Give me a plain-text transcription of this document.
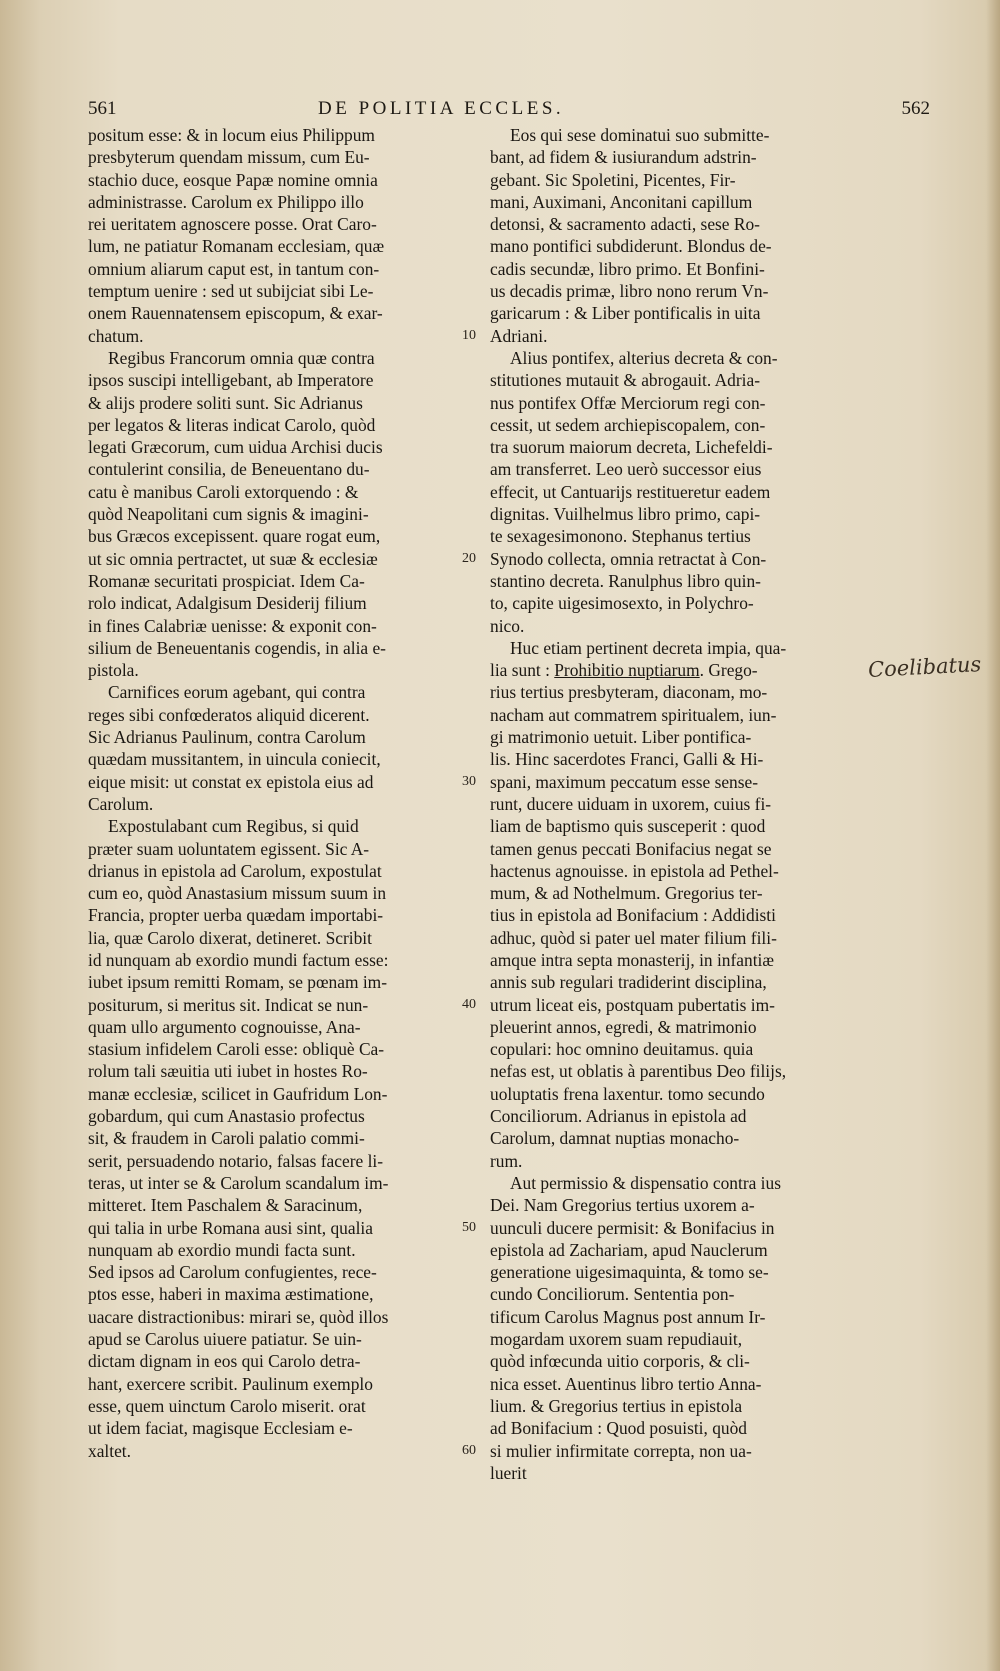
561	DE POLITIA ECCLES.	562
positum esse: & in locum eius Philippum
presbyterum quendam missum, cum Eu-
stachio duce, eosque Papæ nomine omnia
administrasse. Carolum ex Philippo illo
rei ueritatem agnoscere posse. Orat Caro-
lum, ne patiatur Romanam ecclesiam, quæ
omnium aliarum caput est, in tantum con-
temptum uenire : sed ut subijciat sibi Le-
onem Rauennatensem episcopum, & exar-
chatum.
Regibus Francorum omnia quæ contra
ipsos suscipi intelligebant, ab Imperatore
& alijs prodere soliti sunt. Sic Adrianus
per legatos & literas indicat Carolo, quòd
legati Græcorum, cum uidua Archisi ducis
contulerint consilia, de Beneuentano du-
catu è manibus Caroli extorquendo : &
quòd Neapolitani cum signis & imagini-
bus Græcos excepissent. quare rogat eum,
ut sic omnia pertractet, ut suæ & ecclesiæ
Romanæ securitati prospiciat. Idem Ca-
rolo indicat, Adalgisum Desiderij filium
in fines Calabriæ uenisse: & exponit con-
silium de Beneuentanis cogendis, in alia e-
pistola.
Carnifices eorum agebant, qui contra
reges sibi confœderatos aliquid dicerent.
Sic Adrianus Paulinum, contra Carolum
quædam mussitantem, in uincula coniecit,
eique misit: ut constat ex epistola eius ad
Carolum.
Expostulabant cum Regibus, si quid
præter suam uoluntatem egissent. Sic A-
drianus in epistola ad Carolum, expostulat
cum eo, quòd Anastasium missum suum in
Francia, propter uerba quædam importabi-
lia, quæ Carolo dixerat, detineret. Scribit
id nunquam ab exordio mundi factum esse:
iubet ipsum remitti Romam, se pœnam im-
positurum, si meritus sit. Indicat se nun-
quam ullo argumento cognouisse, Ana-
stasium infidelem Caroli esse: obliquè Ca-
rolum tali sæuitia uti iubet in hostes Ro-
manæ ecclesiæ, scilicet in Gaufridum Lon-
gobardum, qui cum Anastasio profectus
sit, & fraudem in Caroli palatio commi-
serit, persuadendo notario, falsas facere li-
teras, ut inter se & Carolum scandalum im-
mitteret. Item Paschalem & Saracinum,
qui talia in urbe Romana ausi sint, qualia
nunquam ab exordio mundi facta sunt.
Sed ipsos ad Carolum confugientes, rece-
ptos esse, haberi in maxima æstimatione,
uacare distractionibus: mirari se, quòd illos
apud se Carolus uiuere patiatur. Se uin-
dictam dignam in eos qui Carolo detra-
hant, exercere scribit. Paulinum exemplo
esse, quem uinctum Carolo miserit. orat
ut idem faciat, magisque Ecclesiam e-
xaltet.
Eos qui sese dominatui suo submitte-
bant, ad fidem & iusiurandum adstrin-
gebant. Sic Spoletini, Picentes, Fir-
mani, Auximani, Anconitani capillum
detonsi, & sacramento adacti, sese Ro-
mano pontifici subdiderunt. Blondus de-
cadis secundæ, libro primo. Et Bonfini-
us decadis primæ, libro nono rerum Vn-
garicarum : & Liber pontificalis in uita
Adriani.
Alius pontifex, alterius decreta & con-
stitutiones mutauit & abrogauit. Adria-
nus pontifex Offæ Merciorum regi con-
cessit, ut sedem archiepiscopalem, con-
tra suorum maiorum decreta, Lichefeldi-
am transferret. Leo uerò successor eius
effecit, ut Cantuarijs restitueretur eadem
dignitas. Vuilhelmus libro primo, capi-
te sexagesimonono. Stephanus tertius
Synodo collecta, omnia retractat à Con-
stantino decreta. Ranulphus libro quin-
to, capite uigesimosexto, in Polychro-
nico.
Huc etiam pertinent decreta impia, qua-
lia sunt : Prohibitio nuptiarum. Grego-
rius tertius presbyteram, diaconam, mo-
nacham aut commatrem spiritualem, iun-
gi matrimonio uetuit. Liber pontifica-
lis. Hinc sacerdotes Franci, Galli & Hi-
spani, maximum peccatum esse sense-
runt, ducere uiduam in uxorem, cuius fi-
liam de baptismo quis susceperit : quod
tamen genus peccati Bonifacius negat se
hactenus agnouisse. in epistola ad Pethel-
mum, & ad Nothelmum. Gregorius ter-
tius in epistola ad Bonifacium : Addidisti
adhuc, quòd si pater uel mater filium fili-
amque intra septa monasterij, in infantiæ
annis sub regulari tradiderint disciplina,
utrum liceat eis, postquam pubertatis im-
pleuerint annos, egredi, & matrimonio
copulari: hoc omnino deuitamus. quia
nefas est, ut oblatis à parentibus Deo filijs,
uoluptatis frena laxentur. tomo secundo
Conciliorum. Adrianus in epistola ad
Carolum, damnat nuptias monacho-
rum.
Aut permissio & dispensatio contra ius
Dei. Nam Gregorius tertius uxorem a-
uunculi ducere permisit: & Bonifacius in
epistola ad Zachariam, apud Nauclerum
generatione uigesimaquinta, & tomo se-
cundo Conciliorum. Sententia pon-
tificum Carolus Magnus post annum Ir-
mogardam uxorem suam repudiauit,
quòd infœcunda uitio corporis, & cli-
nica esset. Auentinus libro tertio Anna-
lium. & Gregorius tertius in epistola
ad Bonifacium : Quod posuisti, quòd
si mulier infirmitate correpta, non ua-
luerit
10
20
30
40
50
60
Coelibatus
